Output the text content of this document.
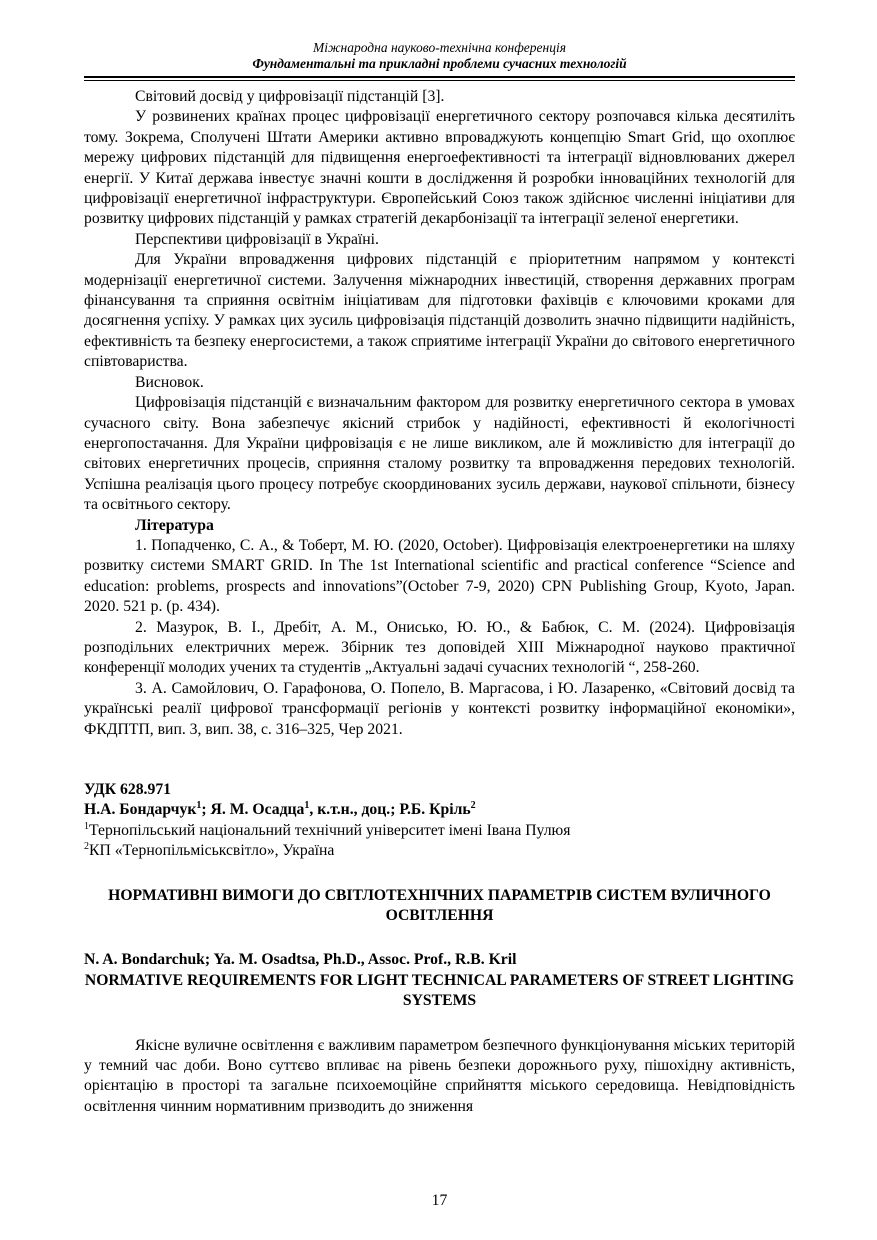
Міжнародна науково-технічна конференція
Фундаментальні та прикладні проблеми сучасних технологій

Світовий досвід у цифровізації підстанцій [3].

У розвинених країнах процес цифровізації енергетичного сектору розпочався кілька десятиліть тому. Зокрема, Сполучені Штати Америки активно впроваджують концепцію Smart Grid, що охоплює мережу цифрових підстанцій для підвищення енергоефективності та інтеграції відновлюваних джерел енергії. У Китаї держава інвестує значні кошти в дослідження й розробки інноваційних технологій для цифровізації енергетичної інфраструктури. Європейський Союз також здійснює численні ініціативи для розвитку цифрових підстанцій у рамках стратегій декарбонізації та інтеграції зеленої енергетики.

Перспективи цифровізації в Україні.

Для України впровадження цифрових підстанцій є пріоритетним напрямом у контексті модернізації енергетичної системи. Залучення міжнародних інвестицій, створення державних програм фінансування та сприяння освітнім ініціативам для підготовки фахівців є ключовими кроками для досягнення успіху. У рамках цих зусиль цифровізація підстанцій дозволить значно підвищити надійність, ефективність та безпеку енергосистеми, а також сприятиме інтеграції України до світового енергетичного співтовариства.

Висновок.

Цифровізація підстанцій є визначальним фактором для розвитку енергетичного сектора в умовах сучасного світу. Вона забезпечує якісний стрибок у надійності, ефективності й екологічності енергопостачання. Для України цифровізація є не лише викликом, але й можливістю для інтеграції до світових енергетичних процесів, сприяння сталому розвитку та впровадження передових технологій. Успішна реалізація цього процесу потребує скоординованих зусиль держави, наукової спільноти, бізнесу та освітнього сектору.

Література

1. Попадченко, С. А., & Тоберт, М. Ю. (2020, October). Цифровізація електроенергетики на шляху розвитку системи SMART GRID. In The 1st International scientific and practical conference “Science and education: problems, prospects and innovations”(October 7-9, 2020) CPN Publishing Group, Kyoto, Japan. 2020. 521 p. (p. 434).

2. Мазурок, В. І., Дребіт, А. М., Онисько, Ю. Ю., & Бабюк, С. М. (2024). Цифровізація розподільних електричних мереж. Збірник тез доповідей XIII Міжнародної науково практичної конференції молодих учених та студентів „Актуальні задачі сучасних технологій “, 258-260.

3. А. Самойлович, О. Гарафонова, О. Попело, В. Маргасова, і Ю. Лазаренко, «Світовий досвід та українські реалії цифрової трансформації регіонів у контексті розвитку інформаційної економіки», ФКДПТП, вип. 3, вип. 38, с. 316–325, Чер 2021.

УДК 628.971
Н.А. Бондарчук$^1$; Я. М. Осадца$^1$, к.т.н., доц.; Р.Б. Кріль$^2$
$^1$Тернопільський національний технічний університет імені Івана Пулюя
$^2$КП «Тернопільміськсвітло», Україна
НОРМАТИВНІ ВИМОГИ ДО СВІТЛОТЕХНІЧНИХ ПАРАМЕТРІВ СИСТЕМ ВУЛИЧНОГО ОСВІТЛЕННЯ
N. A. Bondarchuk; Ya. M. Osadtsa, Ph.D., Assoc. Prof., R.B. Kril
NORMATIVE REQUIREMENTS FOR LIGHT TECHNICAL PARAMETERS OF STREET LIGHTING SYSTEMS

Якісне вуличне освітлення є важливим параметром безпечного функціонування міських територій у темний час доби. Воно суттєво впливає на рівень безпеки дорожнього руху, пішохідну активність, орієнтацію в просторі та загальне психоемоційне сприйняття міського середовища. Невідповідність освітлення чинним нормативним призводить до зниження

17
